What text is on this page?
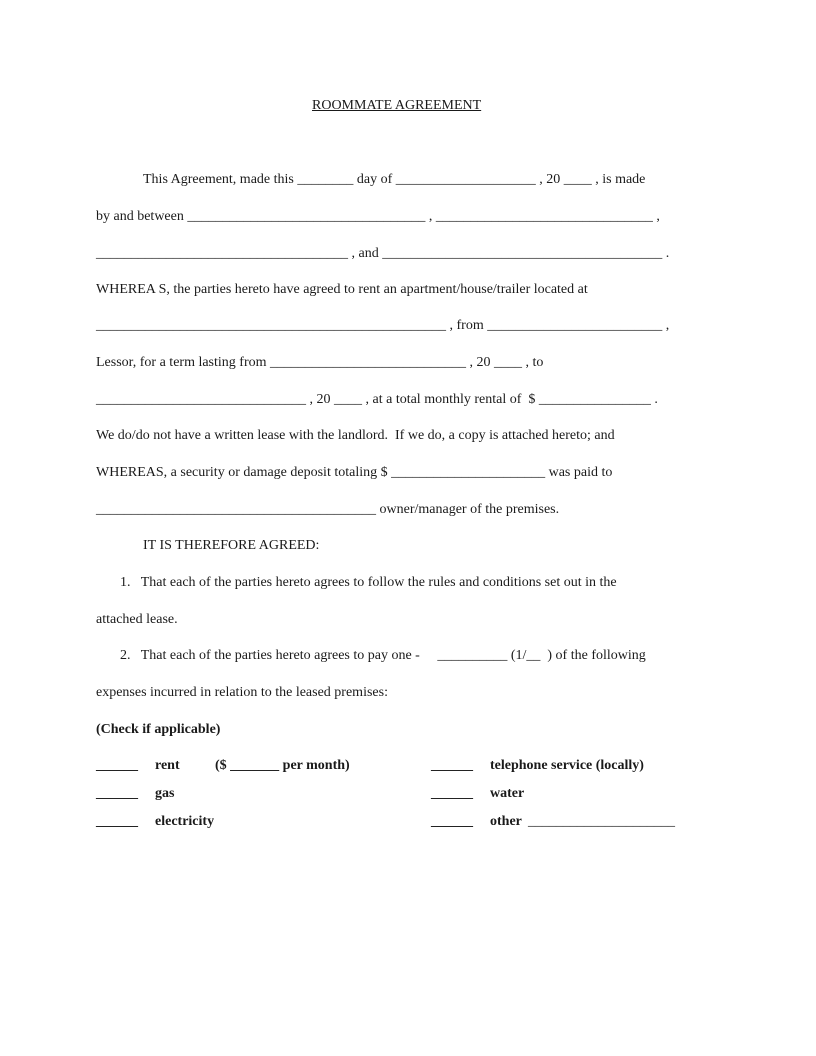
ROOMMATE AGREEMENT
This Agreement, made this ________ day of ____________________ , 20 ____ , is made
by and between __________________________________ , _______________________________ ,
____________________________________ , and ________________________________________ .
WHEREA S, the parties hereto have agreed to rent an apartment/house/trailer located at
__________________________________________________ , from _________________________ ,
Lessor, for a term lasting from ____________________________ , 20 ____ , to
______________________________ , 20 ____ , at a total monthly rental of  $ ________________ .
We do/do not have a written lease with the landlord.  If we do, a copy is attached hereto; and
WHEREAS, a security or damage deposit totaling $ ______________________ was paid to
________________________________________ owner/manager of the premises.
IT IS THEREFORE AGREED:
1.   That each of the parties hereto agrees to follow the rules and conditions set out in the
attached lease.
2.   That each of the parties hereto agrees to pay one -     __________ (1/__  ) of the following
expenses incurred in relation to the leased premises:
(Check if applicable)
______ rent	($ _______ per month)
______ gas
______ electricity
______ telephone service (locally)
______ water
______ other _____________________
